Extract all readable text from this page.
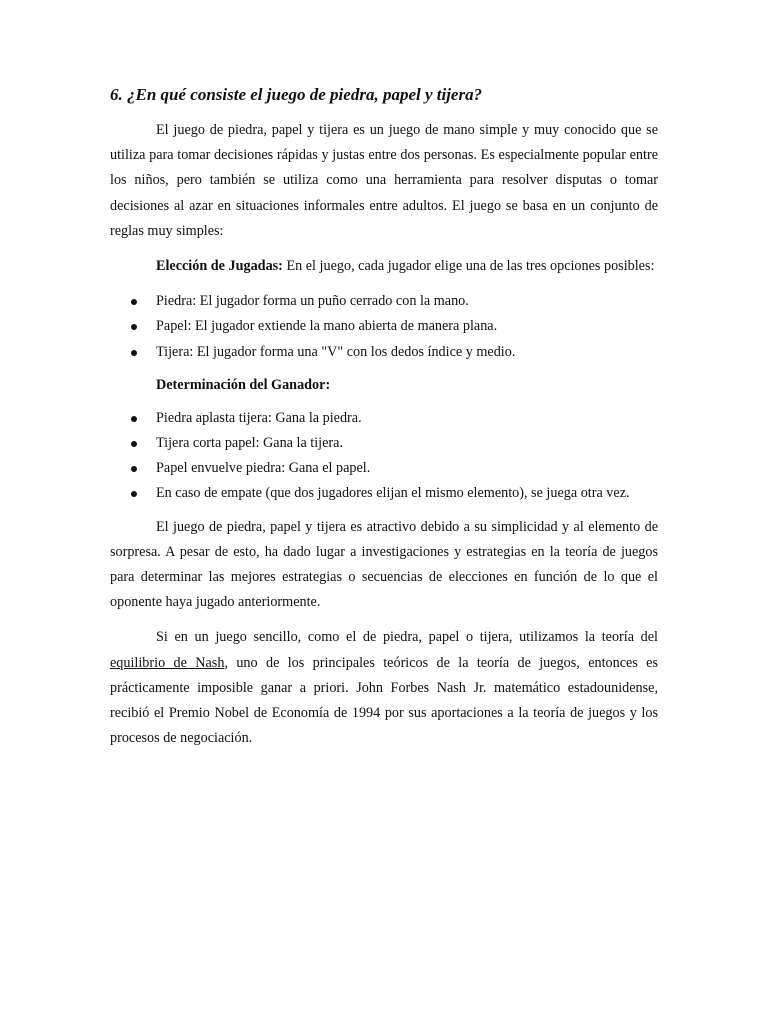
6. ¿En qué consiste el juego de piedra, papel y tijera?

El juego de piedra, papel y tijera es un juego de mano simple y muy conocido que se utiliza para tomar decisiones rápidas y justas entre dos personas. Es especialmente popular entre los niños, pero también se utiliza como una herramienta para resolver disputas o tomar decisiones al azar en situaciones informales entre adultos. El juego se basa en un conjunto de reglas muy simples:

Elección de Jugadas: En el juego, cada jugador elige una de las tres opciones posibles:

Piedra: El jugador forma un puño cerrado con la mano.
Papel: El jugador extiende la mano abierta de manera plana.
Tijera: El jugador forma una "V" con los dedos índice y medio.
Determinación del Ganador:
Piedra aplasta tijera: Gana la piedra.
Tijera corta papel: Gana la tijera.
Papel envuelve piedra: Gana el papel.
En caso de empate (que dos jugadores elijan el mismo elemento), se juega otra vez.

El juego de piedra, papel y tijera es atractivo debido a su simplicidad y al elemento de sorpresa. A pesar de esto, ha dado lugar a investigaciones y estrategias en la teoría de juegos para determinar las mejores estrategias o secuencias de elecciones en función de lo que el oponente haya jugado anteriormente.

Si en un juego sencillo, como el de piedra, papel o tijera, utilizamos la teoría del equilibrio de Nash, uno de los principales teóricos de la teoría de juegos, entonces es prácticamente imposible ganar a priori. John Forbes Nash Jr. matemático estadounidense, recibió el Premio Nobel de Economía de 1994 por sus aportaciones a la teoría de juegos y los procesos de negociación.
